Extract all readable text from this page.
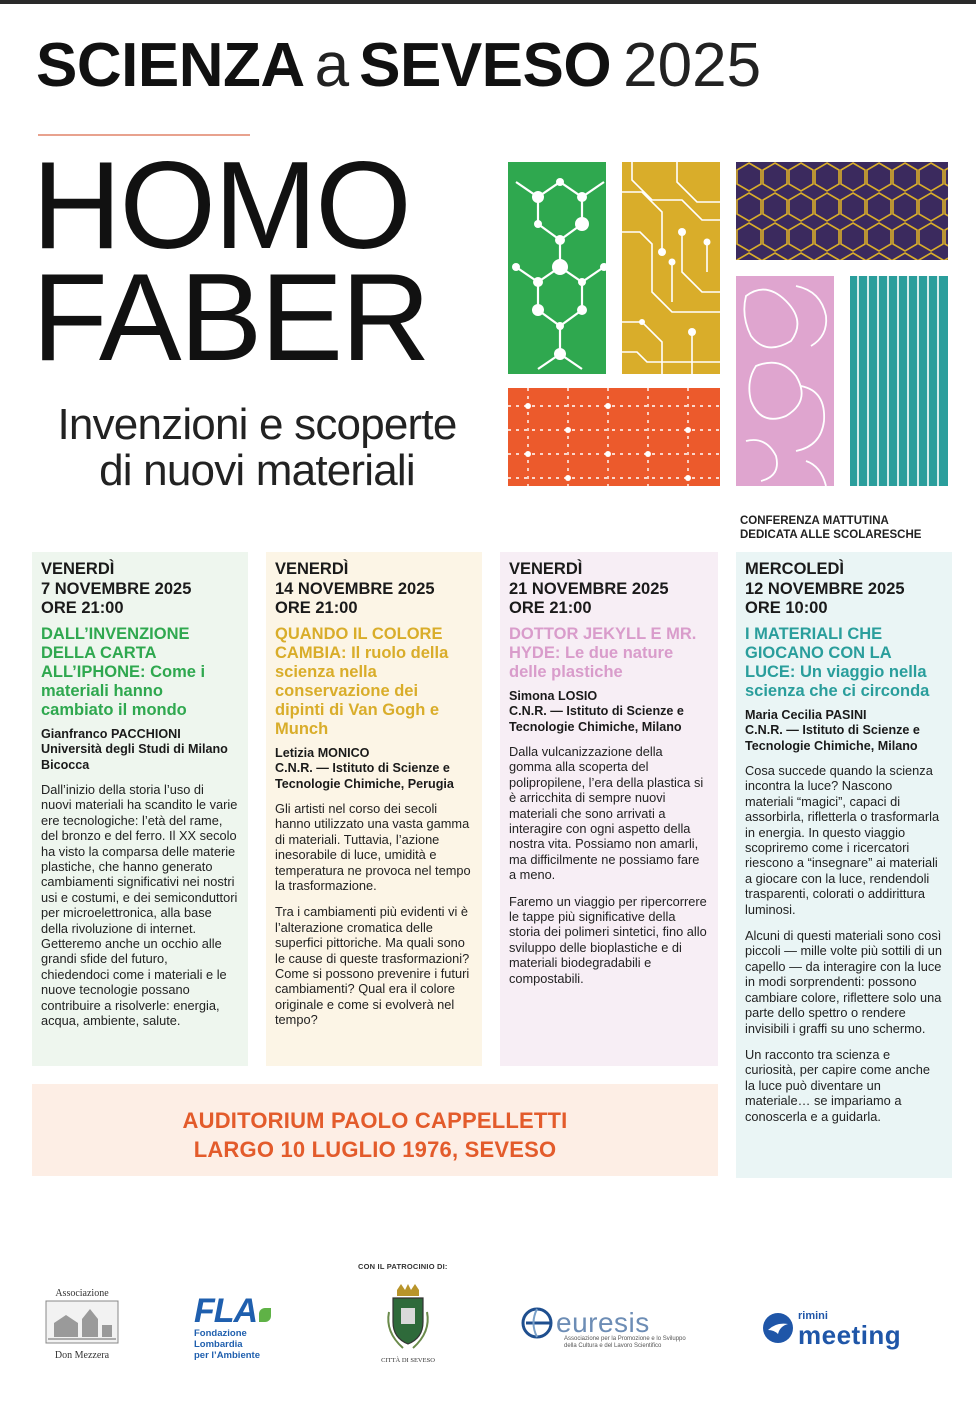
SCIENZA a SEVESO 2025
HOMO
FABER
Invenzioni e scoperte
di nuovi materiali
CONFERENZA MATTUTINA
DEDICATA ALLE SCOLARESCHE
VENERDÌ
7 NOVEMBRE 2025
ORE 21:00
DALL’INVENZIONE DELLA CARTA ALL’IPHONE: Come i materiali hanno cambiato il mondo
Gianfranco PACCHIONI
Università degli Studi di Milano Bicocca

Dall’inizio della storia l’uso di nuovi materiali ha scandito le varie ere tecnologiche: l’età del rame, del bronzo e del ferro. Il XX secolo ha visto la comparsa delle materie plastiche, che hanno generato cambiamenti significativi nei nostri usi e costumi, e dei semiconduttori per microelettronica, alla base della rivoluzione di internet. Getteremo anche un occhio alle grandi sfide del futuro, chiedendoci come i materiali e le nuove tecnologie possano contribuire a risolverle: energia, acqua, ambiente, salute.

VENERDÌ
14 NOVEMBRE 2025
ORE 21:00
QUANDO IL COLORE CAMBIA: Il ruolo della scienza nella conservazione dei dipinti di Van Gogh e Munch
Letizia MONICO
C.N.R. — Istituto di Scienze e Tecnologie Chimiche, Perugia

Gli artisti nel corso dei secoli hanno utilizzato una vasta gamma di materiali. Tuttavia, l’azione inesorabile di luce, umidità e temperatura ne provoca nel tempo la trasformazione.

Tra i cambiamenti più evidenti vi è l’alterazione cromatica delle superfici pittoriche. Ma quali sono le cause di queste trasformazioni? Come si possono prevenire i futuri cambiamenti? Qual era il colore originale e come si evolverà nel tempo?

VENERDÌ
21 NOVEMBRE 2025
ORE 21:00
DOTTOR JEKYLL E MR. HYDE: Le due nature delle plastiche
Simona LOSIO
C.N.R. — Istituto di Scienze e Tecnologie Chimiche, Milano

Dalla vulcanizzazione della gomma alla scoperta del polipropilene, l’era della plastica si è arricchita di sempre nuovi materiali che sono arrivati a interagire con ogni aspetto della nostra vita. Possiamo non amarli, ma difficilmente ne possiamo fare a meno.

Faremo un viaggio per ripercorrere le tappe più significative della storia dei polimeri sintetici, fino allo sviluppo delle bioplastiche e di materiali biodegradabili e compostabili.

MERCOLEDÌ
12 NOVEMBRE 2025
ORE 10:00
I MATERIALI CHE GIOCANO CON LA LUCE: Un viaggio nella scienza che ci circonda
Maria Cecilia PASINI
C.N.R. — Istituto di Scienze e Tecnologie Chimiche, Milano

Cosa succede quando la scienza incontra la luce? Nascono materiali “magici”, capaci di assorbirla, rifletterla o trasformarla in energia. In questo viaggio scopriremo come i ricercatori riescono a “insegnare” ai materiali a giocare con la luce, rendendoli trasparenti, colorati o addirittura luminosi.

Alcuni di questi materiali sono così piccoli — mille volte più sottili di un capello — da interagire con la luce in modi sorprendenti: possono cambiare colore, riflettere solo una parte dello spettro o rendere invisibili i graffi su uno schermo.

Un racconto tra scienza e curiosità, per capire come anche la luce può diventare un materiale… se impariamo a conoscerla e a guidarla.

AUDITORIUM PAOLO CAPPELLETTI
LARGO 10 LUGLIO 1976, SEVESO
CON IL PATROCINIO DI:
Associazione
Don Mezzera
FLA
Fondazione Lombardia
per l’Ambiente	CITTÀ DI SEVESO
euresis
Associazione per la Promozione e lo Sviluppo
della Cultura e del Lavoro Scientifico
rimini
meeting
